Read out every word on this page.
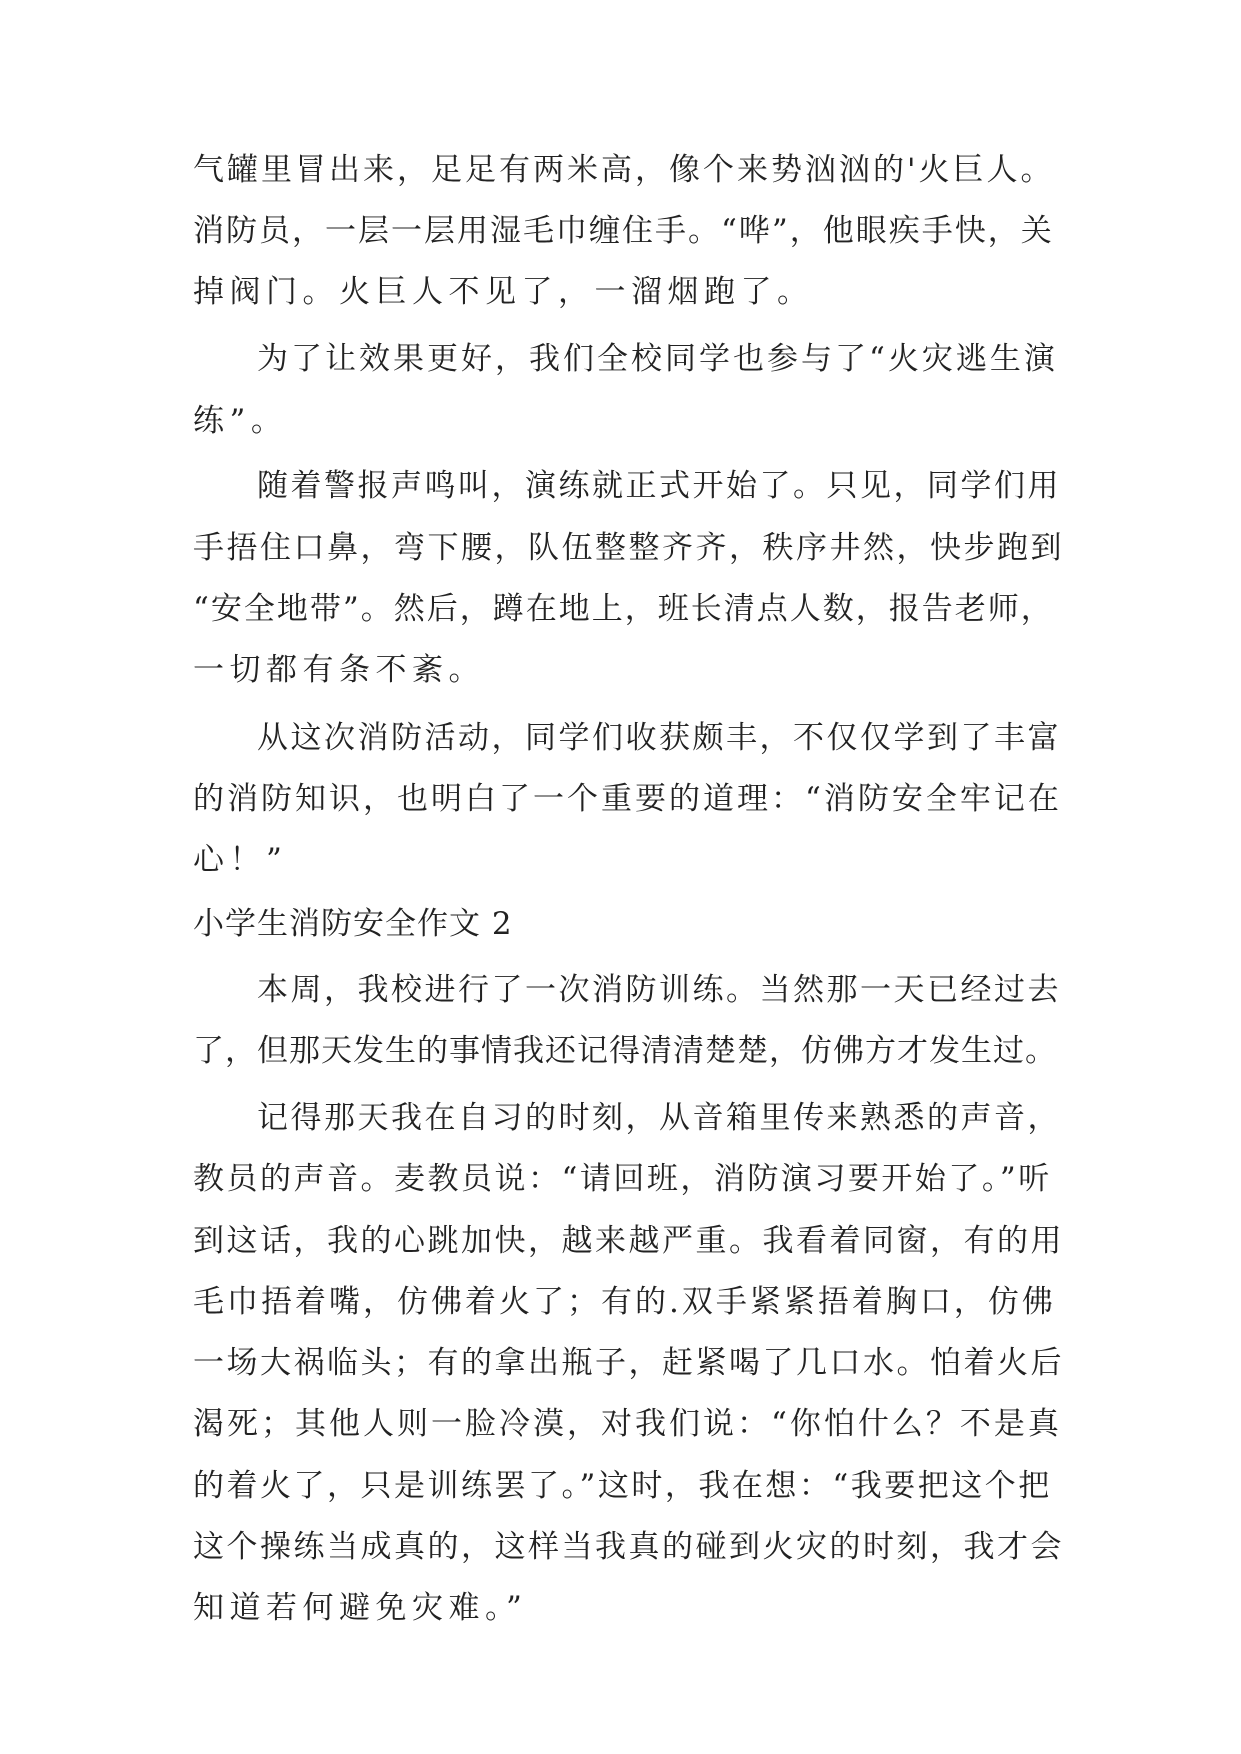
气罐里冒出来，足足有两米高，像个来势汹汹的'火巨人。
消防员，一层一层用湿毛巾缠住手。“哗”，他眼疾手快，关
掉阀门。火巨人不见了，一溜烟跑了。
为了让效果更好，我们全校同学也参与了“火灾逃生演
练”。
随着警报声鸣叫，演练就正式开始了。只见，同学们用
手捂住口鼻，弯下腰，队伍整整齐齐，秩序井然，快步跑到
“安全地带”。然后，蹲在地上，班长清点人数，报告老师，
一切都有条不紊。
从这次消防活动，同学们收获颇丰，不仅仅学到了丰富
的消防知识，也明白了一个重要的道理：“消防安全牢记在
心！”
小学生消防安全作文 2
本周，我校进行了一次消防训练。当然那一天已经过去
了，但那天发生的事情我还记得清清楚楚，仿佛方才发生过。
记得那天我在自习的时刻，从音箱里传来熟悉的声音，
教员的声音。麦教员说：“请回班，消防演习要开始了。”听
到这话，我的心跳加快，越来越严重。我看着同窗，有的用
毛巾捂着嘴，仿佛着火了；有的.双手紧紧捂着胸口，仿佛
一场大祸临头；有的拿出瓶子，赶紧喝了几口水。怕着火后
渴死；其他人则一脸冷漠，对我们说：“你怕什么？不是真
的着火了，只是训练罢了。”这时，我在想：“我要把这个把
这个操练当成真的，这样当我真的碰到火灾的时刻，我才会
知道若何避免灾难。”
